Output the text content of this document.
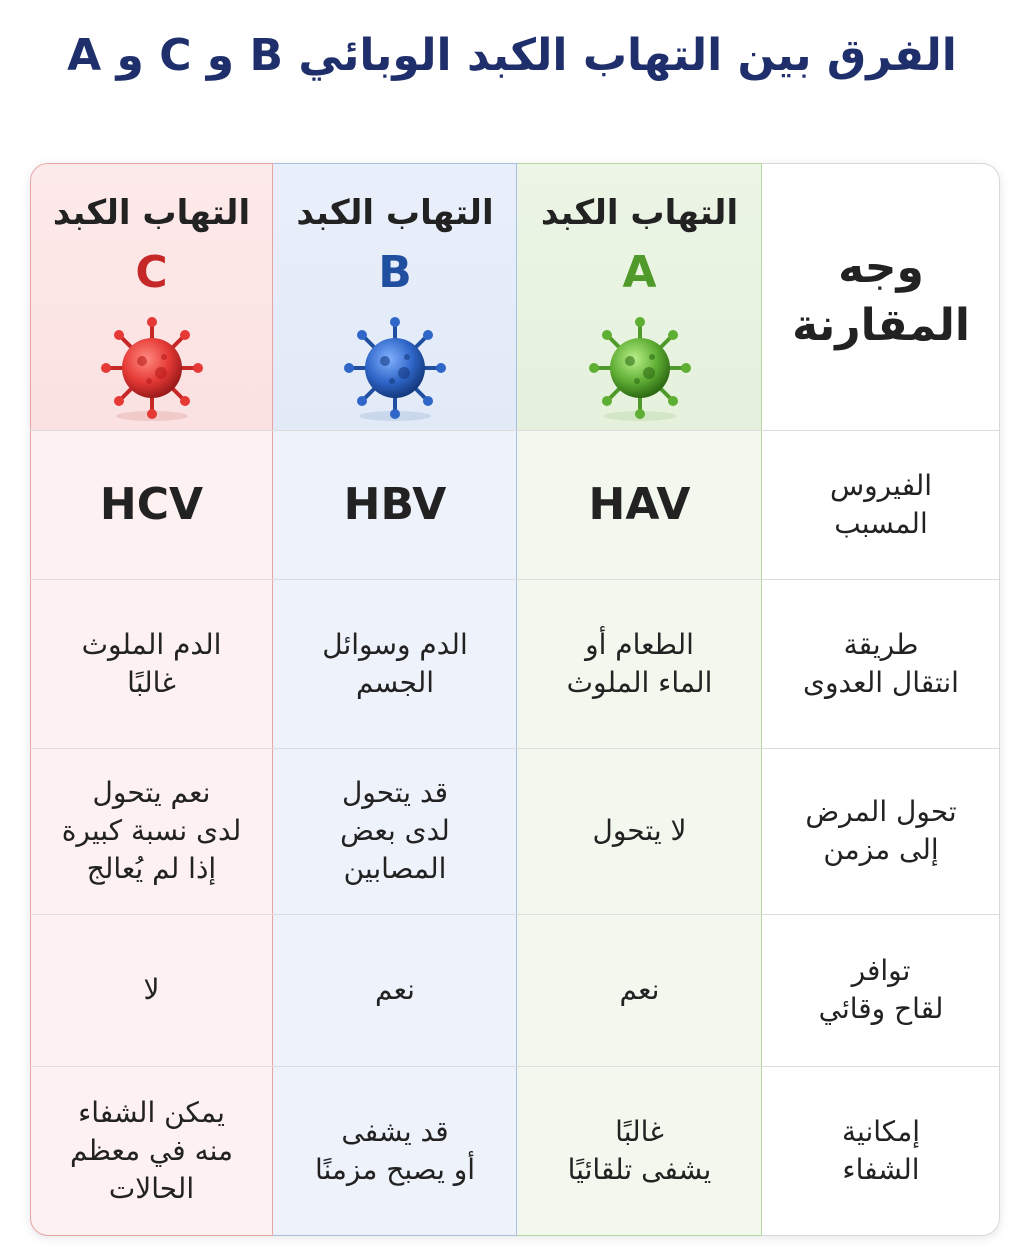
الفرق بين التهاب الكبد الوبائي B و C و A
التهاب الكبد
C
التهاب الكبد
B
التهاب الكبد
A	وجه
المقارنة
الفيروس
المسبب
HAV
HBV
HCV
طريقة
انتقال العدوى
الطعام أو
الماء الملوث
الدم وسوائل
الجسم
الدم الملوث
غالبًا
تحول المرض
إلى مزمن
لا يتحول
قد يتحول
لدى بعض
المصابين
نعم يتحول
لدى نسبة كبيرة
إذا لم يُعالج
توافر
لقاح وقائي
نعم
نعم
لا
إمكانية
الشفاء
غالبًا
يشفى تلقائيًا
قد يشفى
أو يصبح مزمنًا
يمكن الشفاء
منه في معظم
الحالات
